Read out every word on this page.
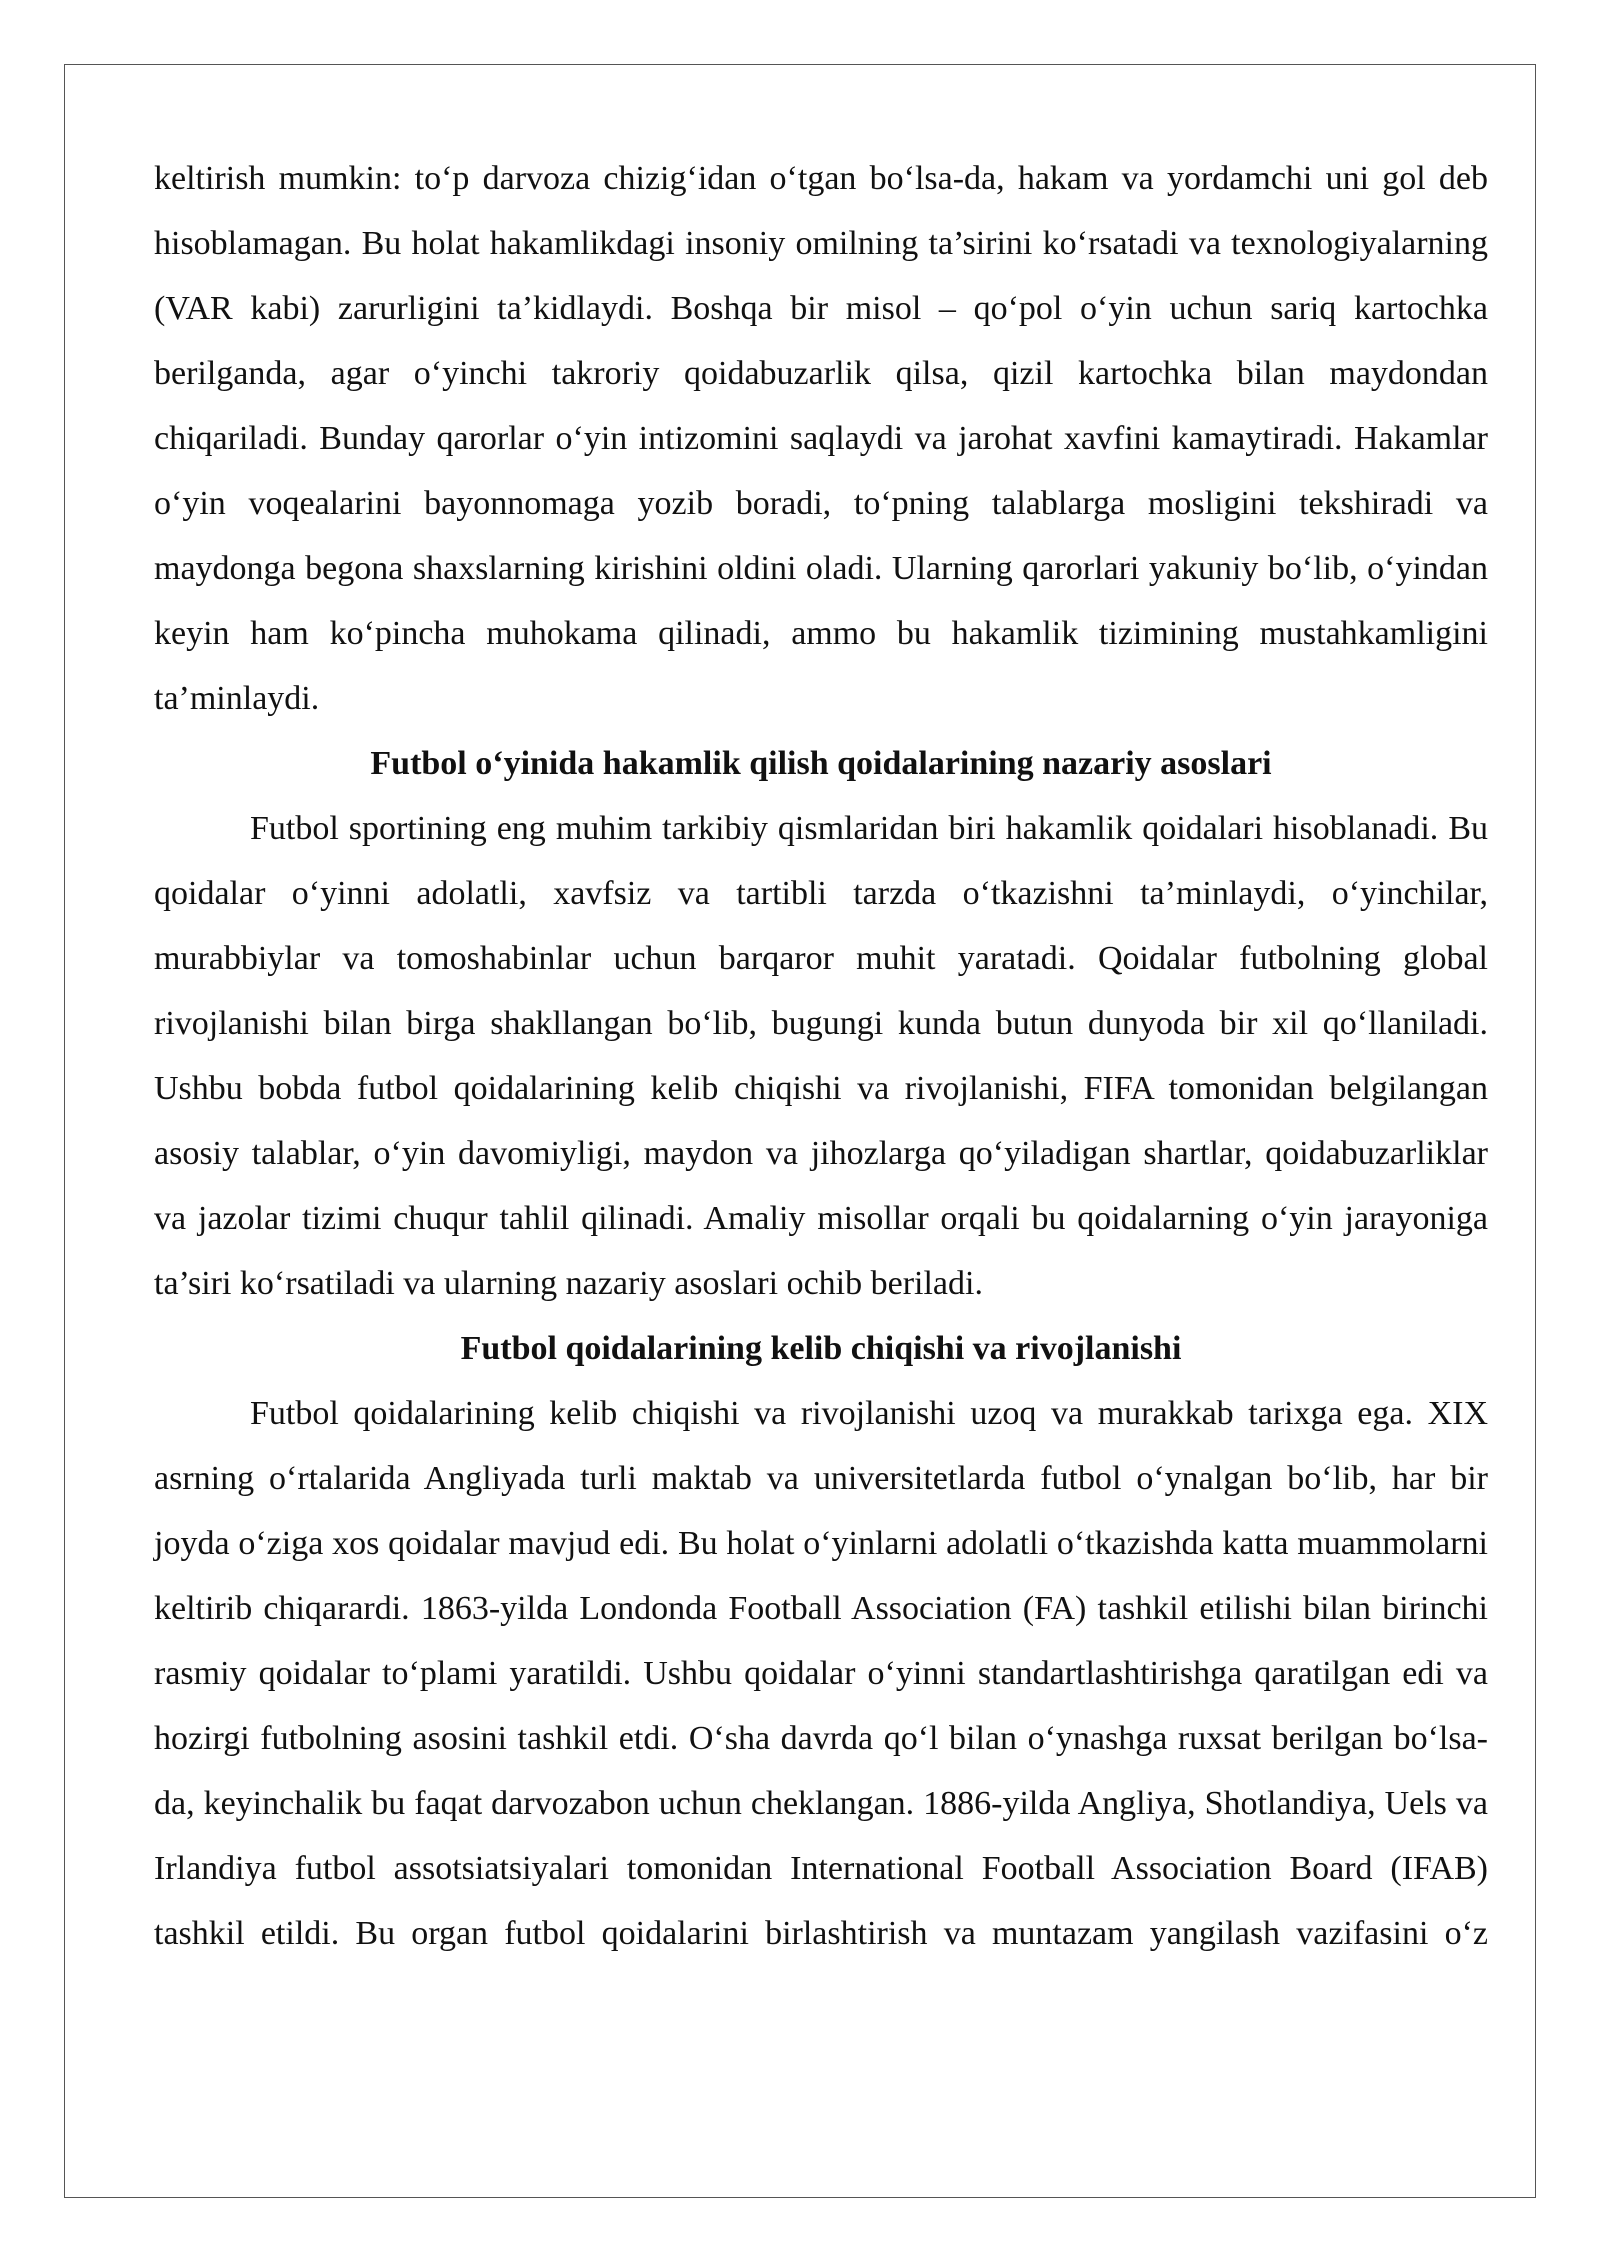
keltirish mumkin: to‘p darvoza chizig‘idan o‘tgan bo‘lsa-da, hakam va yordamchi uni gol deb hisoblamagan. Bu holat hakamlikdagi insoniy omilning ta’sirini ko‘rsatadi va texnologiyalarning (VAR kabi) zarurligini ta’kidlaydi. Boshqa bir misol – qo‘pol o‘yin uchun sariq kartochka berilganda, agar o‘yinchi takroriy qoidabuzarlik qilsa, qizil kartochka bilan maydondan chiqariladi. Bunday qarorlar o‘yin intizomini saqlaydi va jarohat xavfini kamaytiradi. Hakamlar o‘yin voqealarini bayonnomaga yozib boradi, to‘pning talablarga mosligini tekshiradi va maydonga begona shaxslarning kirishini oldini oladi. Ularning qarorlari yakuniy bo‘lib, o‘yindan keyin ham ko‘pincha muhokama qilinadi, ammo bu hakamlik tizimining mustahkamligini ta’minlaydi.

Futbol o‘yinida hakamlik qilish qoidalarining nazariy asoslari

Futbol sportining eng muhim tarkibiy qismlaridan biri hakamlik qoidalari hisoblanadi. Bu qoidalar o‘yinni adolatli, xavfsiz va tartibli tarzda o‘tkazishni ta’minlaydi, o‘yinchilar, murabbiylar va tomoshabinlar uchun barqaror muhit yaratadi. Qoidalar futbolning global rivojlanishi bilan birga shakllangan bo‘lib, bugungi kunda butun dunyoda bir xil qo‘llaniladi. Ushbu bobda futbol qoidalarining kelib chiqishi va rivojlanishi, FIFA tomonidan belgilangan asosiy talablar, o‘yin davomiyligi, maydon va jihozlarga qo‘yiladigan shartlar, qoidabuzarliklar va jazolar tizimi chuqur tahlil qilinadi. Amaliy misollar orqali bu qoidalarning o‘yin jarayoniga ta’siri ko‘rsatiladi va ularning nazariy asoslari ochib beriladi.

Futbol qoidalarining kelib chiqishi va rivojlanishi

Futbol qoidalarining kelib chiqishi va rivojlanishi uzoq va murakkab tarixga ega. XIX asrning o‘rtalarida Angliyada turli maktab va universitetlarda futbol o‘ynalgan bo‘lib, har bir joyda o‘ziga xos qoidalar mavjud edi. Bu holat o‘yinlarni adolatli o‘tkazishda katta muammolarni keltirib chiqarardi. 1863-yilda Londonda Football Association (FA) tashkil etilishi bilan birinchi rasmiy qoidalar to‘plami yaratildi. Ushbu qoidalar o‘yinni standartlashtirishga qaratilgan edi va hozirgi futbolning asosini tashkil etdi. O‘sha davrda qo‘l bilan o‘ynashga ruxsat berilgan bo‘lsa-da, keyinchalik bu faqat darvozabon uchun cheklangan. 1886-yilda Angliya, Shotlandiya, Uels va Irlandiya futbol assotsiatsiyalari tomonidan International Football Association Board (IFAB) tashkil etildi. Bu organ futbol qoidalarini birlashtirish va muntazam yangilash vazifasini o‘z
